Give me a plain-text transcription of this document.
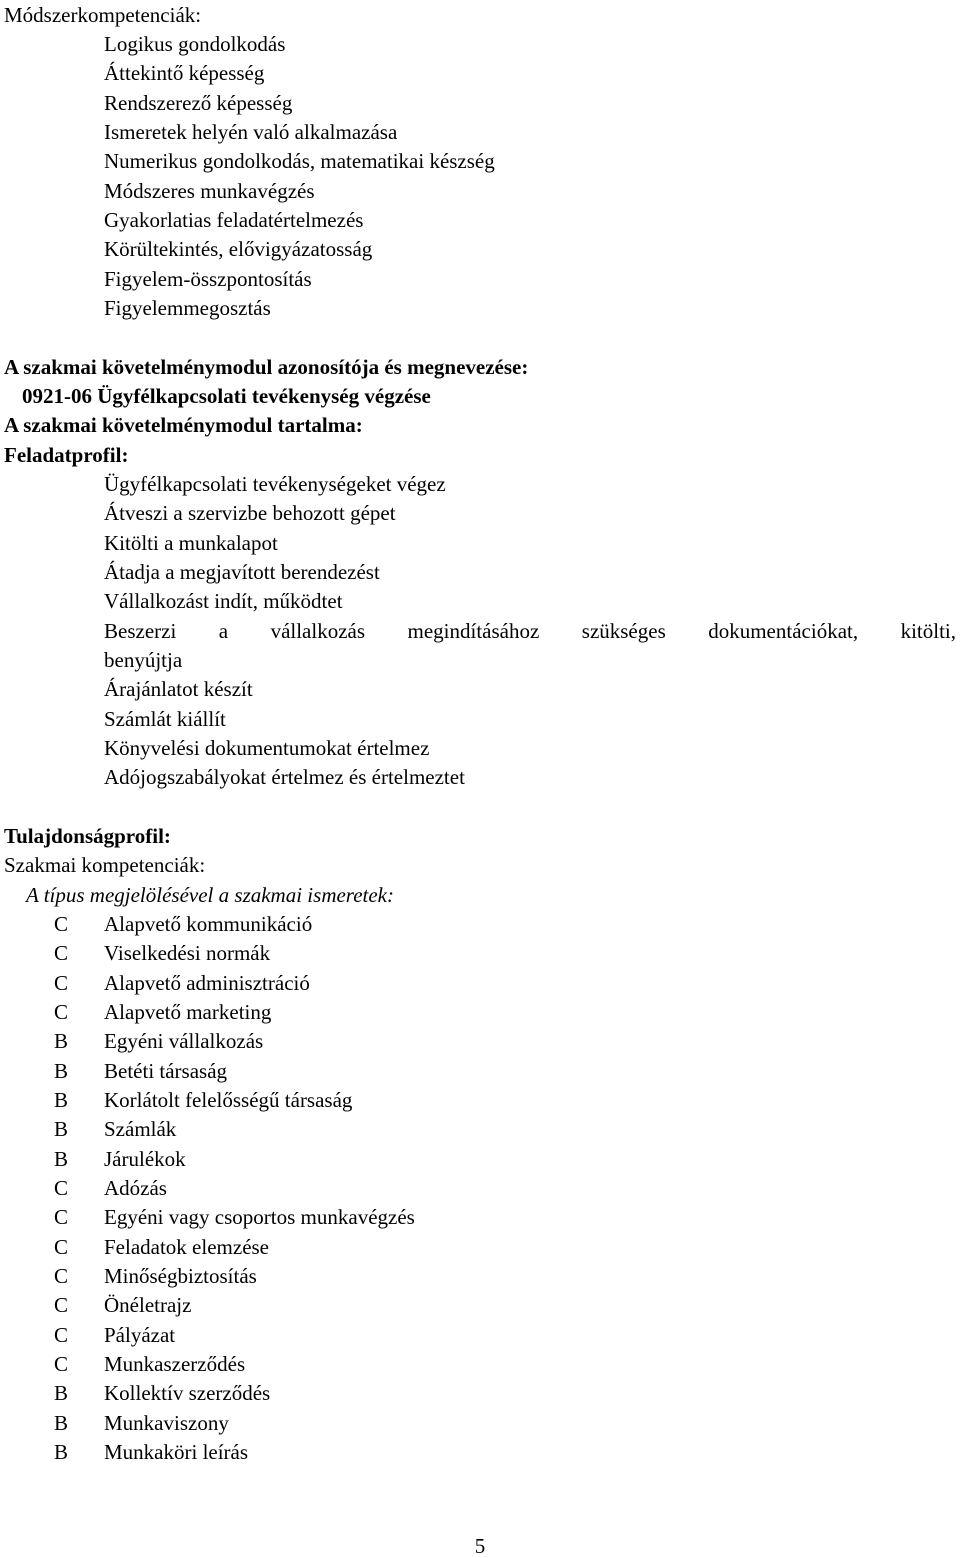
Módszerkompetenciák:
Logikus gondolkodás
Áttekintő képesség
Rendszerező képesség
Ismeretek helyén való alkalmazása
Numerikus gondolkodás, matematikai készség
Módszeres munkavégzés
Gyakorlatias feladatértelmezés
Körültekintés, elővigyázatosság
Figyelem-összpontosítás
Figyelemmegosztás
A szakmai követelménymodul azonosítója és megnevezése:
0921-06 Ügyfélkapcsolati tevékenység végzése
A szakmai követelménymodul tartalma:
Feladatprofil:
Ügyfélkapcsolati tevékenységeket végez
Átveszi a szervizbe behozott gépet
Kitölti a munkalapot
Átadja a megjavított berendezést
Vállalkozást indít, működtet
Beszerzi a vállalkozás megindításához szükséges dokumentációkat, kitölti,
benyújtja
Árajánlatot készít
Számlát kiállít
Könyvelési dokumentumokat értelmez
Adójogszabályokat értelmez és értelmeztet
Tulajdonságprofil:
Szakmai kompetenciák:
A típus megjelölésével a szakmai ismeretek:
C	Alapvető kommunikáció
C	Viselkedési normák
C	Alapvető adminisztráció
C	Alapvető marketing
B	Egyéni vállalkozás
B	Betéti társaság
B	Korlátolt felelősségű társaság
B	Számlák
B	Járulékok
C	Adózás
C	Egyéni vagy csoportos munkavégzés
C	Feladatok elemzése
C	Minőségbiztosítás
C	Önéletrajz
C	Pályázat
C	Munkaszerződés
B	Kollektív szerződés
B	Munkaviszony
B	Munkaköri leírás
5
